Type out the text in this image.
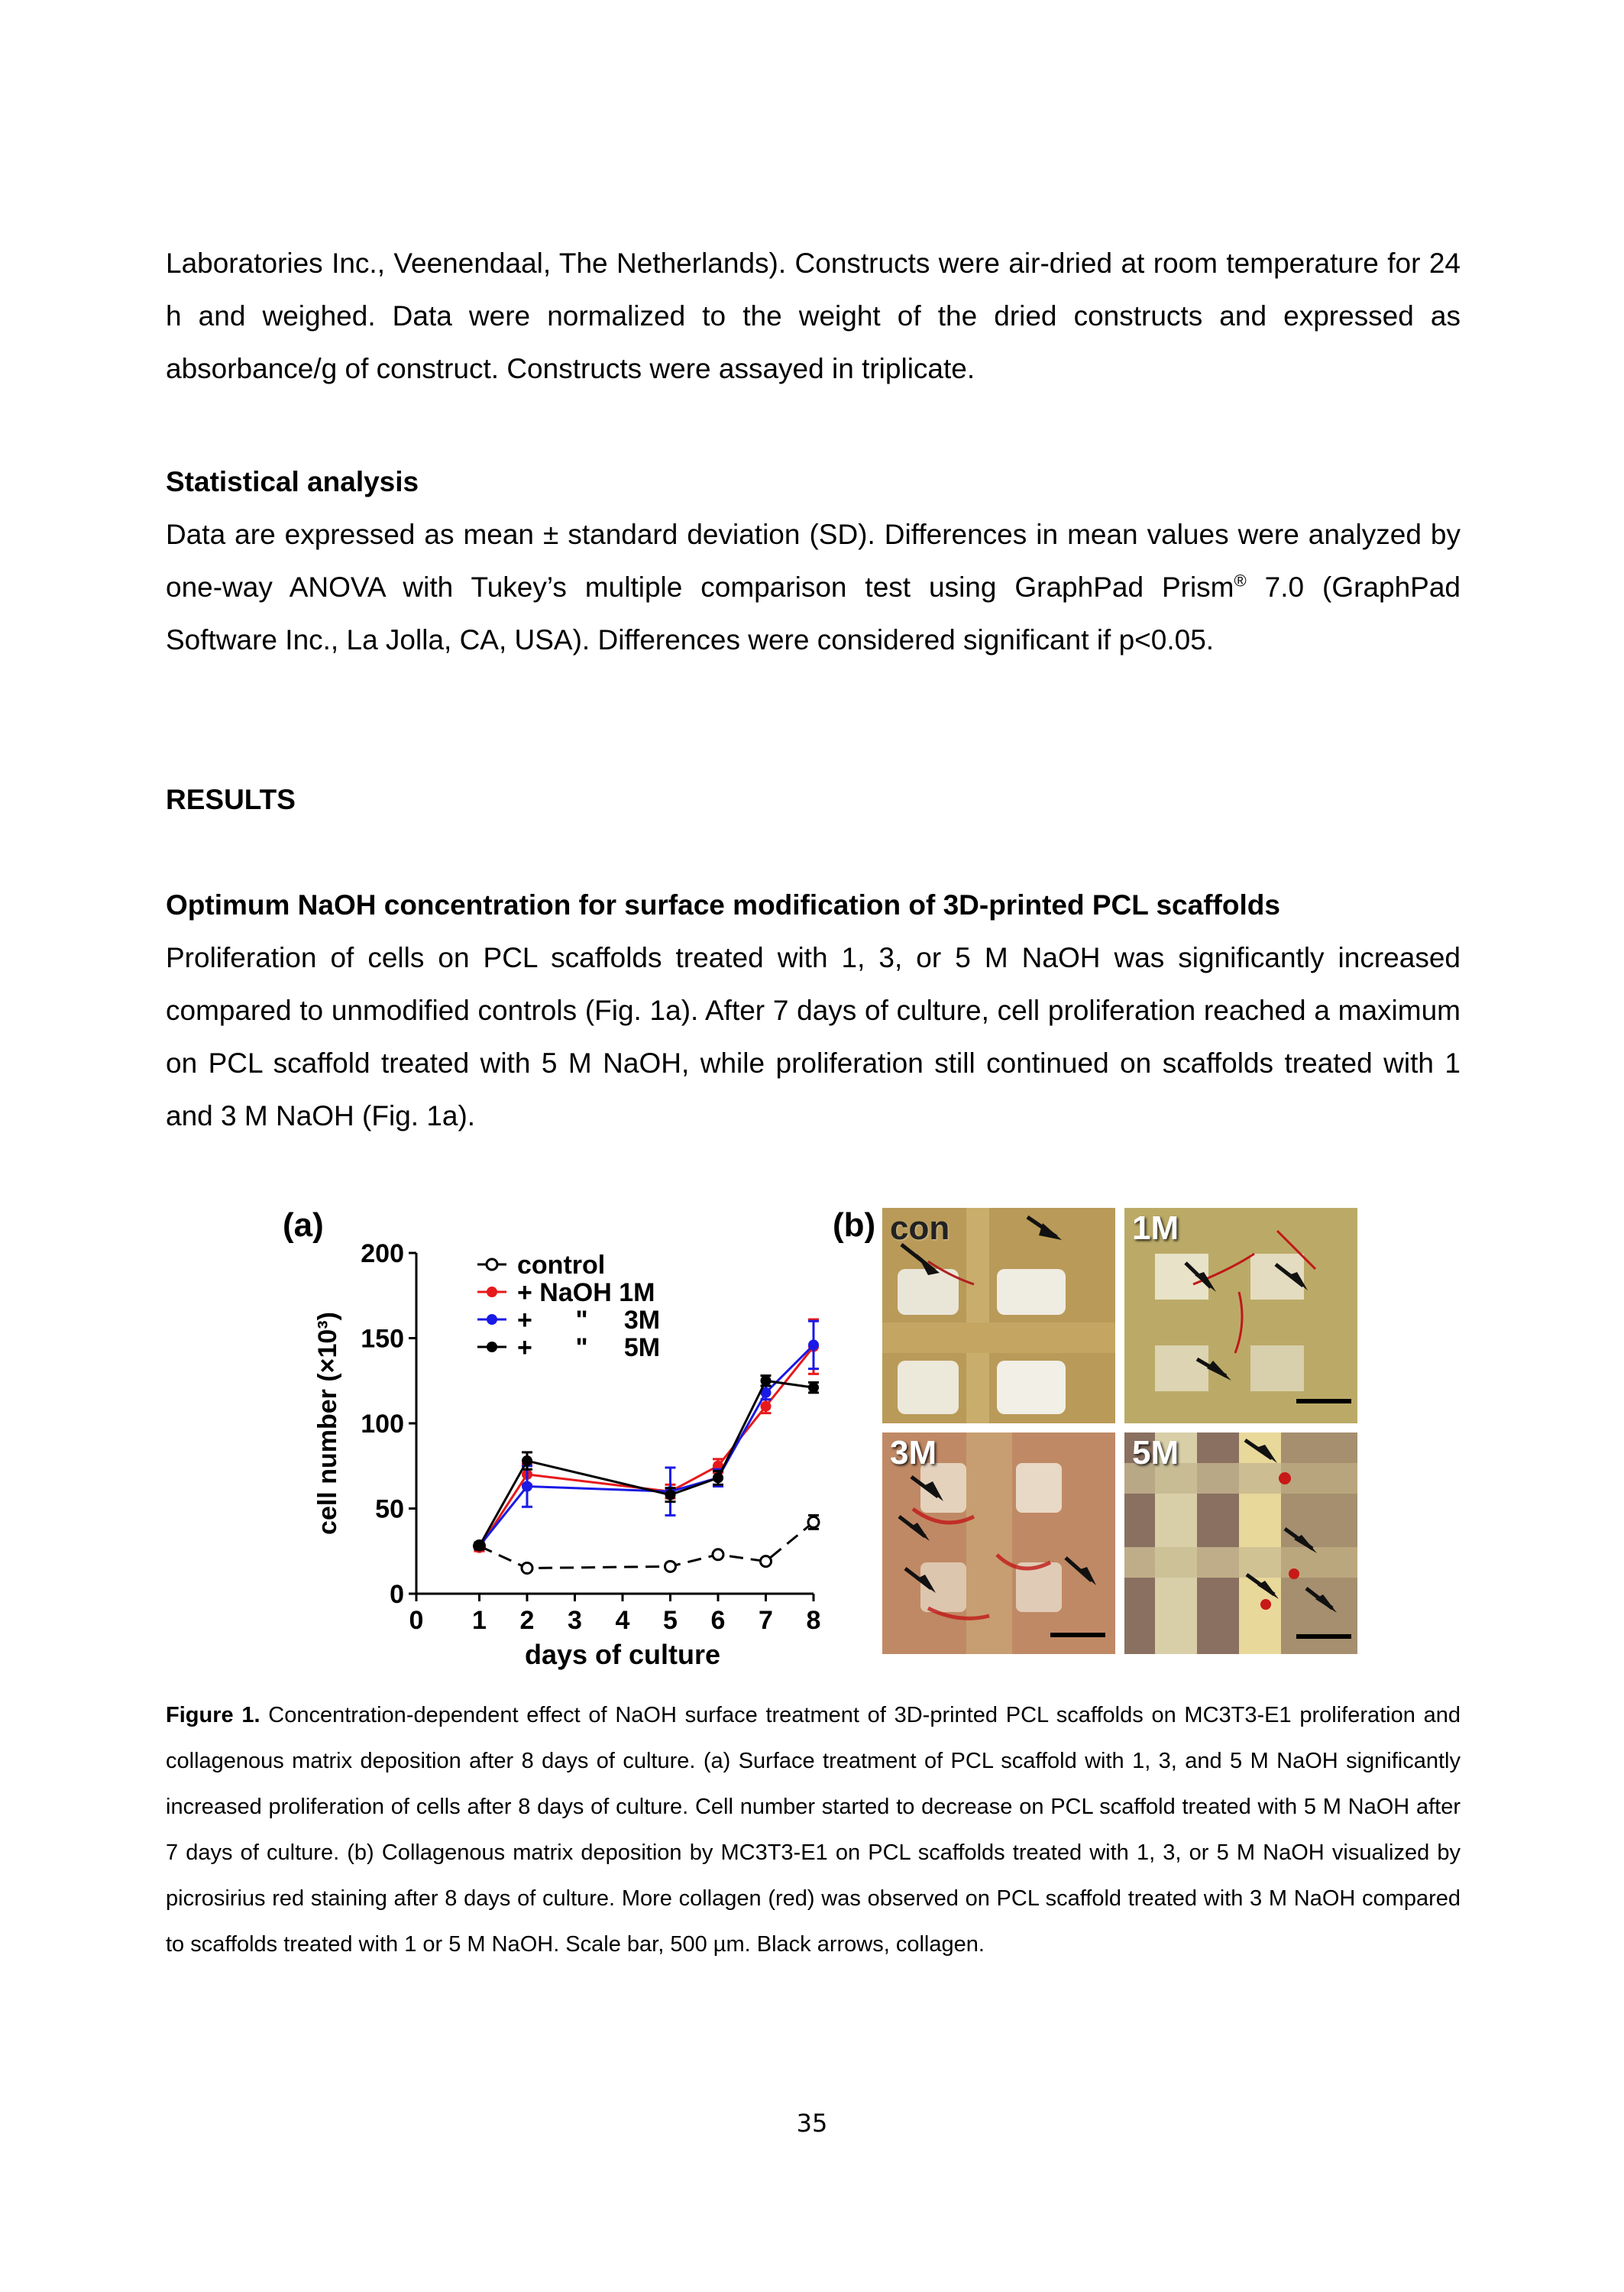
Laboratories Inc., Veenendaal, The Netherlands). Constructs were air-dried at room temperature for 24 h and weighed. Data were normalized to the weight of the dried constructs and expressed as absorbance/g of construct. Constructs were assayed in triplicate.

Statistical analysis

Data are expressed as mean ± standard deviation (SD). Differences in mean values were analyzed by one-way ANOVA with Tukey’s multiple comparison test using GraphPad Prism® 7.0 (GraphPad Software Inc., La Jolla, CA, USA). Differences were considered significant if p<0.05.

RESULTS

Optimum NaOH concentration for surface modification of 3D-printed PCL scaffolds

Proliferation of cells on PCL scaffolds treated with 1, 3, or 5 M NaOH was significantly increased compared to unmodified controls (Fig. 1a). After 7 days of culture, cell proliferation reached a maximum on PCL scaffold treated with 5 M NaOH, while proliferation still continued on scaffolds treated with 1 and 3 M NaOH (Fig. 1a).

(a)
0
50
100
150
200
0 1 2 3 4 5 6 7 8
days of culture
cell number (×10³)
control
+ NaOH 1M
+      "     3M
+      "     5M
(b) con	1M
3M	5M

Figure 1. Concentration-dependent effect of NaOH surface treatment of 3D-printed PCL scaffolds on MC3T3-E1 proliferation and collagenous matrix deposition after 8 days of culture. (a) Surface treatment of PCL scaffold with 1, 3, and 5 M NaOH significantly increased proliferation of cells after 8 days of culture. Cell number started to decrease on PCL scaffold treated with 5 M NaOH after 7 days of culture. (b) Collagenous matrix deposition by MC3T3-E1 on PCL scaffolds treated with 1, 3, or 5 M NaOH visualized by picrosirius red staining after 8 days of culture. More collagen (red) was observed on PCL scaffold treated with 3 M NaOH compared to scaffolds treated with 1 or 5 M NaOH. Scale bar, 500 µm. Black arrows, collagen.

35
